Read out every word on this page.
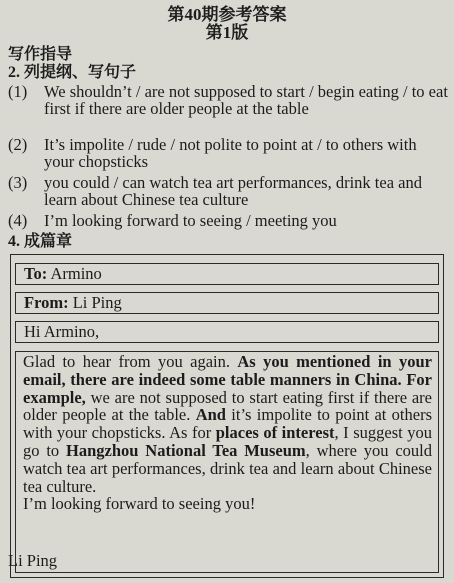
第40期参考答案
第1版
写作指导
2. 列提纲、写句子
(1) We shouldn’t / are not supposed to start / begin eating / to eat first if there are older people at the table
(2) It’s impolite / rude / not polite to point at / to others with your chopsticks
(3) you could / can watch tea art performances, drink tea and learn about Chinese tea culture
(4) I’m looking forward to seeing / meeting you
4. 成篇章
To: Armino
From: Li Ping
Hi Armino,

Glad to hear from you again. As you mentioned in your email, there are indeed some table manners in China. For example, we are not supposed to start eating first if there are older people at the table. And it’s impolite to point at others with your chopsticks. As for places of interest, I suggest you go to Hangzhou National Tea Museum, where you could watch tea art performances, drink tea and learn about Chinese tea culture.

I’m looking forward to seeing you!

Li Ping
